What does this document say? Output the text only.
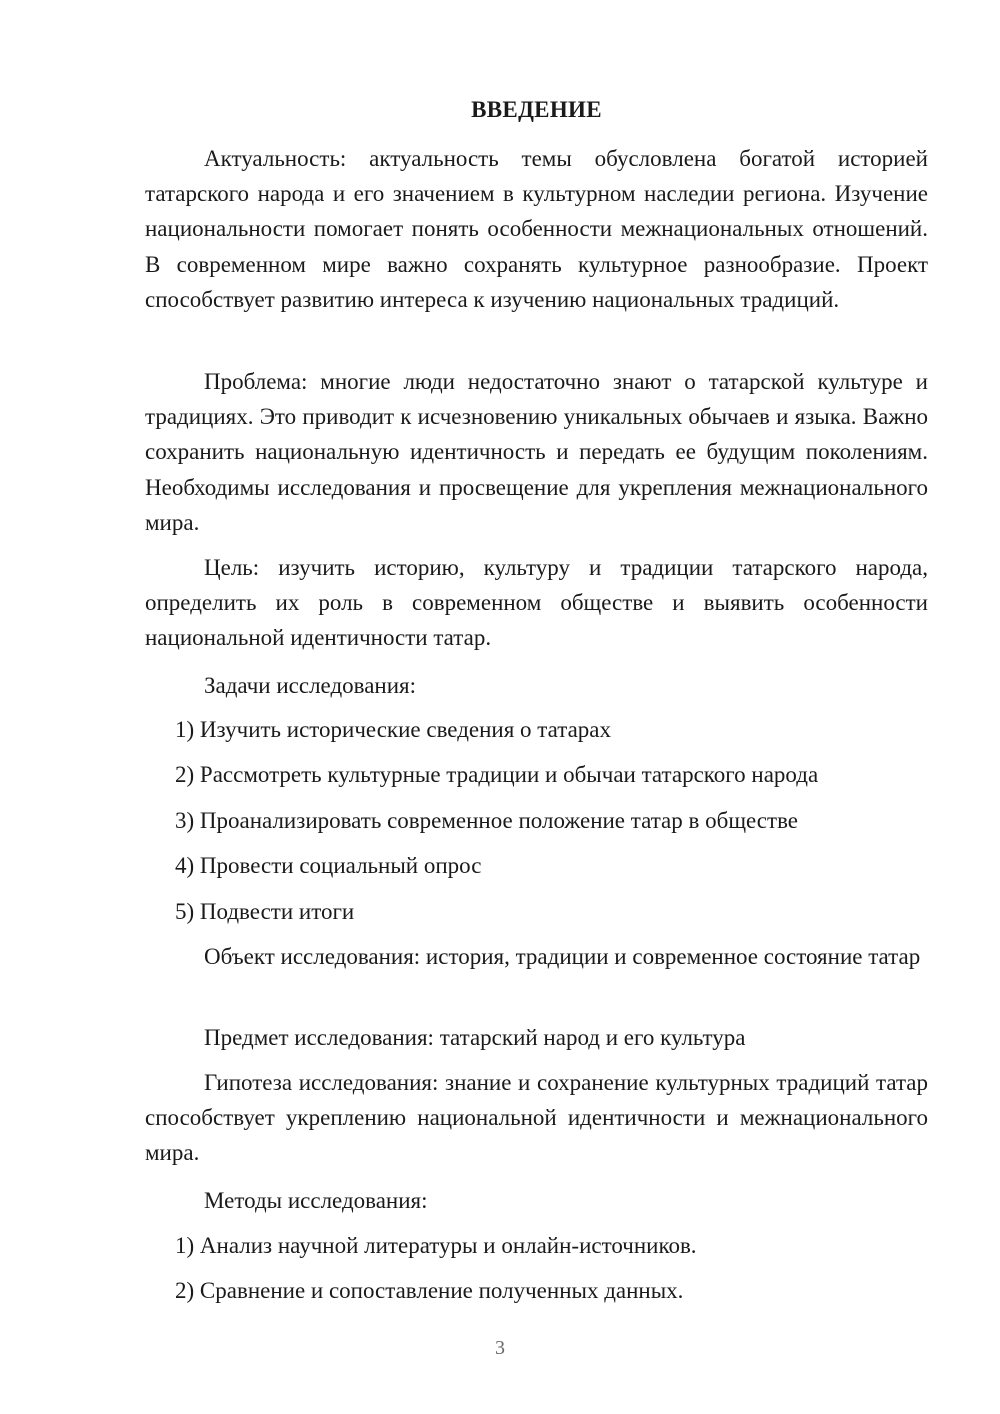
ВВЕДЕНИЕ

Актуальность: актуальность темы обусловлена богатой историей татарского народа и его значением в культурном наследии региона. Изучение национальности помогает понять особенности межнациональных отношений. В современном мире важно сохранять культурное разнообразие. Проект способствует развитию интереса к изучению национальных традиций.

Проблема: многие люди недостаточно знают о татарской культуре и традициях. Это приводит к исчезновению уникальных обычаев и языка. Важно сохранить национальную идентичность и передать ее будущим поколениям. Необходимы исследования и просвещение для укрепления межнационального мира.

Цель: изучить историю, культуру и традиции татарского народа, определить их роль в современном обществе и выявить особенности национальной идентичности татар.

Задачи исследования:
1) Изучить исторические сведения о татарах
2) Рассмотреть культурные традиции и обычаи татарского народа
3) Проанализировать современное положение татар в обществе
4) Провести социальный опрос
5) Подвести итоги

Объект исследования: история, традиции и современное состояние татар

Предмет исследования: татарский народ и его культура

Гипотеза исследования: знание и сохранение культурных традиций татар способствует укреплению национальной идентичности и межнационального мира.

Методы исследования:
1) Анализ научной литературы и онлайн-источников.
2) Сравнение и сопоставление полученных данных.
3
